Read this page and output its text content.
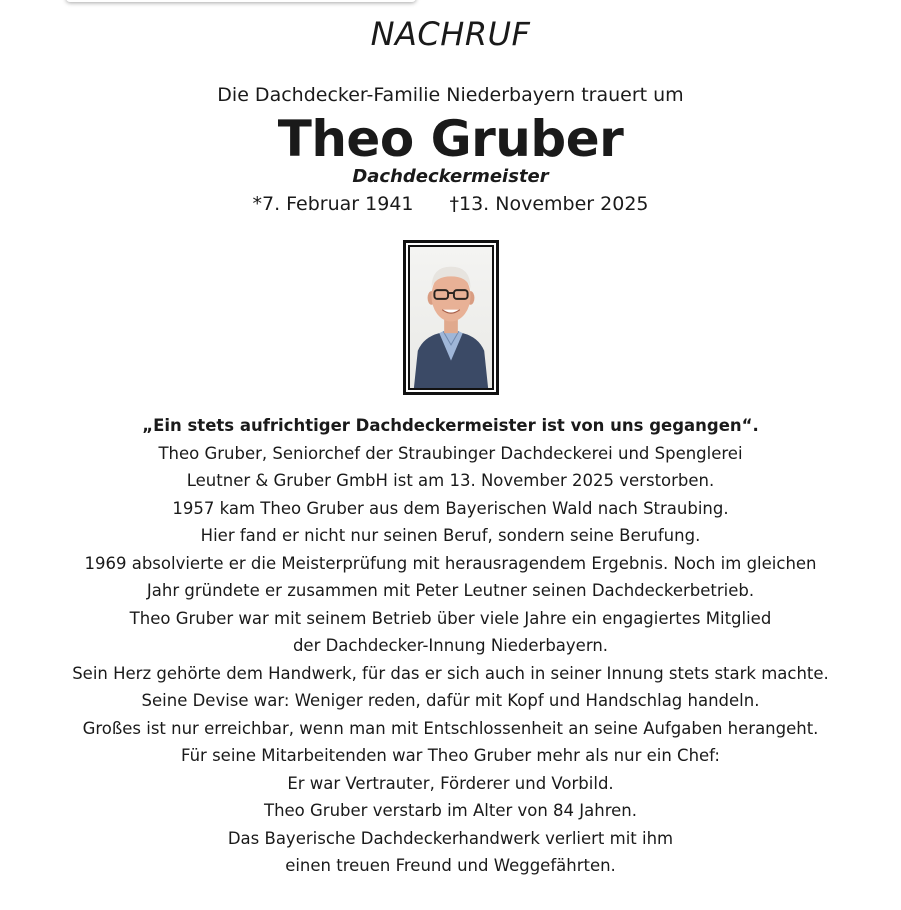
NACHRUF
Die Dachdecker-Familie Niederbayern trauert um
Theo Gruber
Dachdeckermeister
*7. Februar 1941 †13. November 2025

„Ein stets aufrichtiger Dachdeckermeister ist von uns gegangen“.

Theo Gruber, Seniorchef der Straubinger Dachdeckerei und Spenglerei

Leutner & Gruber GmbH ist am 13. November 2025 verstorben.

1957 kam Theo Gruber aus dem Bayerischen Wald nach Straubing.

Hier fand er nicht nur seinen Beruf, sondern seine Berufung.

1969 absolvierte er die Meisterprüfung mit herausragendem Ergebnis. Noch im gleichen

Jahr gründete er zusammen mit Peter Leutner seinen Dachdeckerbetrieb.

Theo Gruber war mit seinem Betrieb über viele Jahre ein engagiertes Mitglied

der Dachdecker-Innung Niederbayern.

Sein Herz gehörte dem Handwerk, für das er sich auch in seiner Innung stets stark machte.

Seine Devise war: Weniger reden, dafür mit Kopf und Handschlag handeln.

Großes ist nur erreichbar, wenn man mit Entschlossenheit an seine Aufgaben herangeht.

Für seine Mitarbeitenden war Theo Gruber mehr als nur ein Chef:

Er war Vertrauter, Förderer und Vorbild.

Theo Gruber verstarb im Alter von 84 Jahren.

Das Bayerische Dachdeckerhandwerk verliert mit ihm

einen treuen Freund und Weggefährten.
